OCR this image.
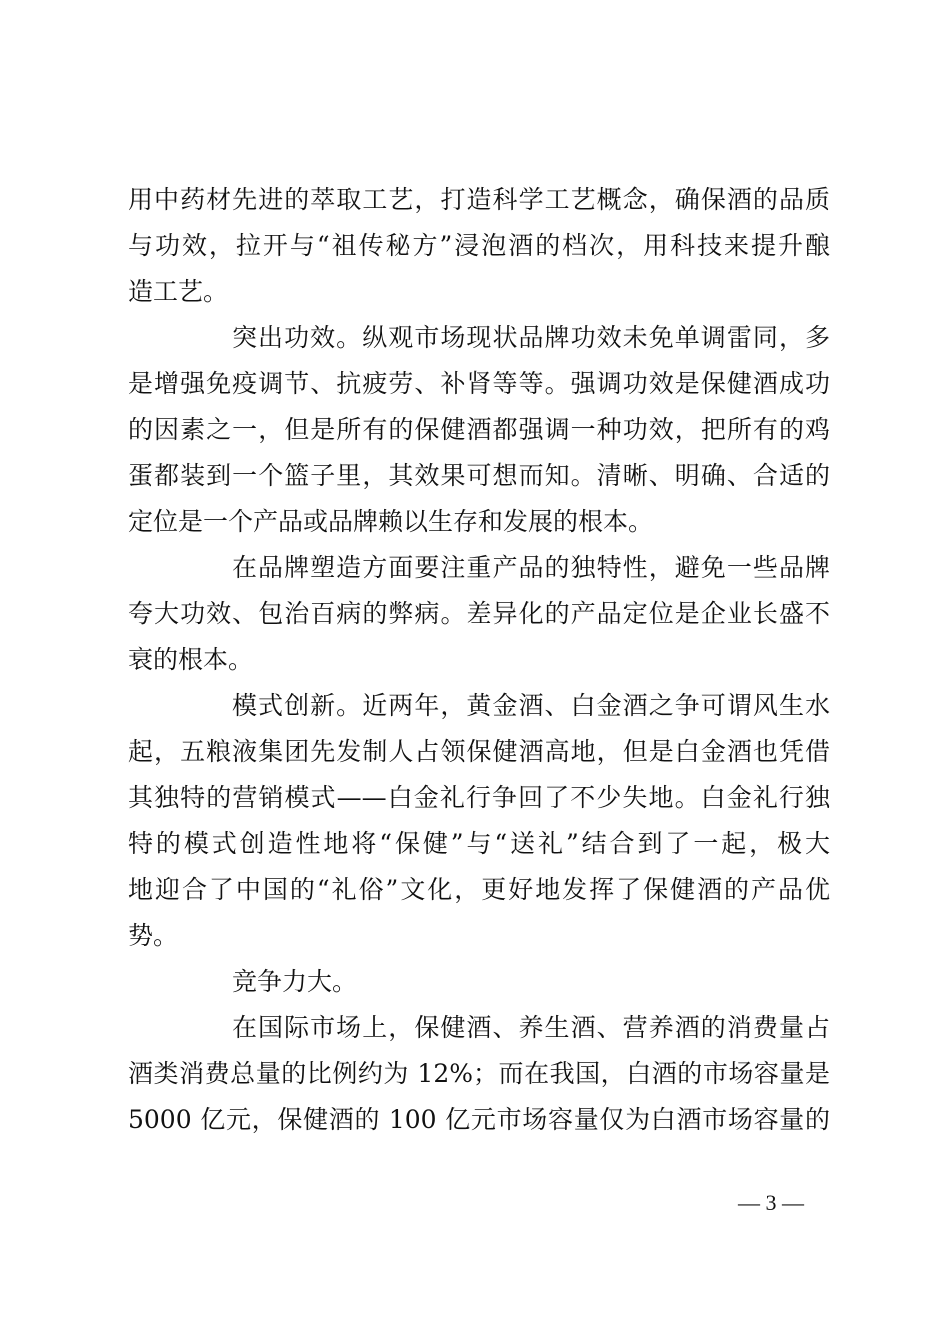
用中药材先进的萃取工艺，打造科学工艺概念，确保酒的品质
与功效，拉开与“祖传秘方”浸泡酒的档次，用科技来提升酿
造工艺。
突出功效。纵观市场现状品牌功效未免单调雷同，多
是增强免疫调节、抗疲劳、补肾等等。强调功效是保健酒成功
的因素之一，但是所有的保健酒都强调一种功效，把所有的鸡
蛋都装到一个篮子里，其效果可想而知。清晰、明确、合适的
定位是一个产品或品牌赖以生存和发展的根本。
在品牌塑造方面要注重产品的独特性，避免一些品牌
夸大功效、包治百病的弊病。差异化的产品定位是企业长盛不
衰的根本。
模式创新。近两年，黄金酒、白金酒之争可谓风生水
起，五粮液集团先发制人占领保健酒高地，但是白金酒也凭借
其独特的营销模式——白金礼行争回了不少失地。白金礼行独
特的模式创造性地将“保健”与“送礼”结合到了一起，极大
地迎合了中国的“礼俗”文化，更好地发挥了保健酒的产品优
势。
竞争力大。
在国际市场上，保健酒、养生酒、营养酒的消费量占
酒类消费总量的比例约为 12%；而在我国，白酒的市场容量是
5000 亿元，保健酒的 100 亿元市场容量仅为白酒市场容量的
— 3 —
